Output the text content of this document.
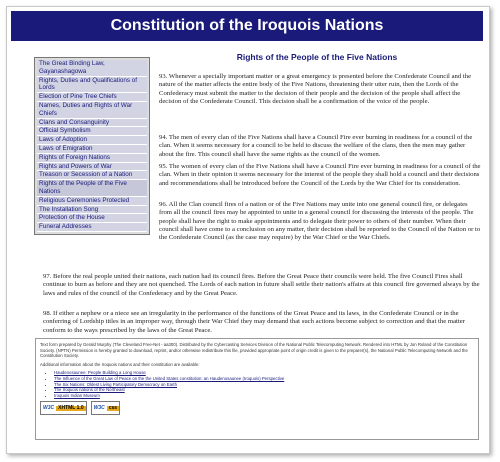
Constitution of the Iroquois Nations
The Great Binding Law, Gayanashagowa
Rights, Duties and Qualifications of Lords
Election of Pine Tree Chiefs
Names, Duties and Rights of War Chiefs
Clans and Consanguinity
Official Symbolism
Laws of Adoption
Laws of Emigration
Rights of Foreign Nations
Rights and Powers of War
Treason or Secession of a Nation
Rights of the People of the Five Nations
Religious Ceremonies Protected
The Installation Song
Protection of the House
Funeral Addresses
Rights of the People of the Five Nations

93. Whenever a specially important matter or a great emergency is presented before the Confederate Council and the nature of the matter affects the entire body of the Five Nations, threatening their utter ruin, then the Lords of the Confederacy must submit the matter to the decision of their people and the decision of the people shall affect the decision of the Confederate Council. This decision shall be a confirmation of the voice of the people.

94. The men of every clan of the Five Nations shall have a Council Fire ever burning in readiness for a council of the clan. When it seems necessary for a council to be held to discuss the welfare of the clans, then the men may gather about the fire. This council shall have the same rights as the council of the women.

95. The women of every clan of the Five Nations shall have a Council Fire ever burning in readiness for a council of the clan. When in their opinion it seems necessary for the interest of the people they shall hold a council and their decisions and recommendations shall be introduced before the Council of the Lords by the War Chief for its consideration.

96. All the Clan council fires of a nation or of the Five Nations may unite into one general council fire, or delegates from all the council fires may be appointed to unite in a general council for discussing the interests of the people. The people shall have the right to make appointments and to delegate their power to others of their number. When their council shall have come to a conclusion on any matter, their decision shall be reported to the Council of the Nation or to the Confederate Council (as the case may require) by the War Chief or the War Chiefs.

97. Before the real people united their nations, each nation had its council fires. Before the Great Peace their councils were held. The five Council Fires shall continue to burn as before and they are not quenched. The Lords of each nation in future shall settle their nation's affairs at this council fire governed always by the laws and rules of the council of the Confederacy and by the Great Peace.

98. If either a nephew or a niece see an irregularity in the performance of the functions of the Great Peace and its laws, in the Confederate Council or in the conferring of Lordship titles in an improper way, through their War Chief they may demand that such actions become subject to correction and that the matter conform to the ways prescribed by the laws of the Great Peace.

Text form prepared by Gerald Murphy (The Cleveland Free-Net - aa300). Distributed by the Cybercasting Services Division of the National Public Telecomputing Network. Rendered into HTML by Jon Roland of the Constitution Society. (NPTN) Permission is hereby granted to download, reprint, and/or otherwise redistribute this file, provided appropriate point of origin credit is given to the preparer(s), the National Public Telecomputing Network and the Constitution Society.

Additional information about the Iroquois nations and their constitution are available:

• Haudenosaunee: People Building a Long House
• The Influence of the Great Law of Peace on the the United States constitution: an Haudenosaunee (Iroquois) Perspective
• The Six Nations: Oldest Living Participatory Democracy on Earth
• The Iroquois nations of the Northeast
• Iroquois Indian Museum
W3C XHTML 1.0	W3C css
